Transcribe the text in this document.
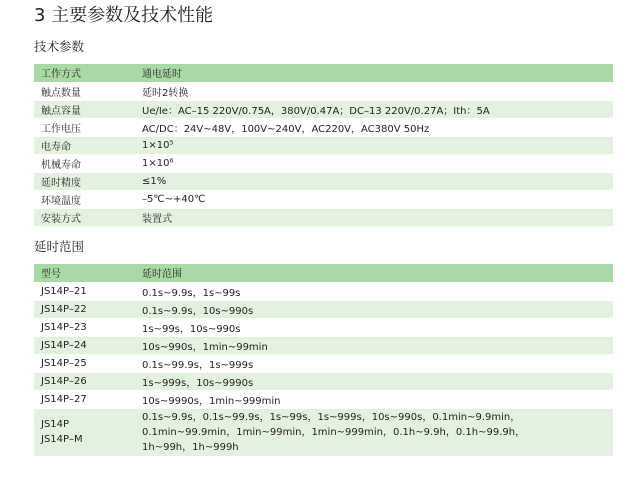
3 主要参数及技术性能
技术参数
工作方式	通电延时
触点数量	延时2转换
触点容量	Ue/Ie：AC–15 220V/0.75A，380V/0.47A；DC–13 220V/0.27A；Ith：5A
工作电压	AC/DC：24V~48V，100V~240V，AC220V，AC380V 50Hz
电寿命	1×10⁵
机械寿命	1×10⁶
延时精度	≤1%
环境温度	–5℃~+40℃
安装方式	装置式
延时范围
型号	延时范围
JS14P–21	0.1s~9.9s，1s~99s
JS14P–22	0.1s~9.9s，10s~990s
JS14P–23	1s~99s，10s~990s
JS14P–24	10s~990s，1min~99min
JS14P–25	0.1s~99.9s，1s~999s
JS14P–26	1s~999s，10s~9990s
JS14P–27	10s~9990s，1min~999min

JS14P
JS14P–M	0.1s~9.9s，0.1s~99.9s，1s~99s，1s~999s，10s~990s，0.1min~9.9min，
0.1min~99.9min，1min~99min，1min~999min，0.1h~9.9h，0.1h~99.9h，
1h~99h，1h~999h
